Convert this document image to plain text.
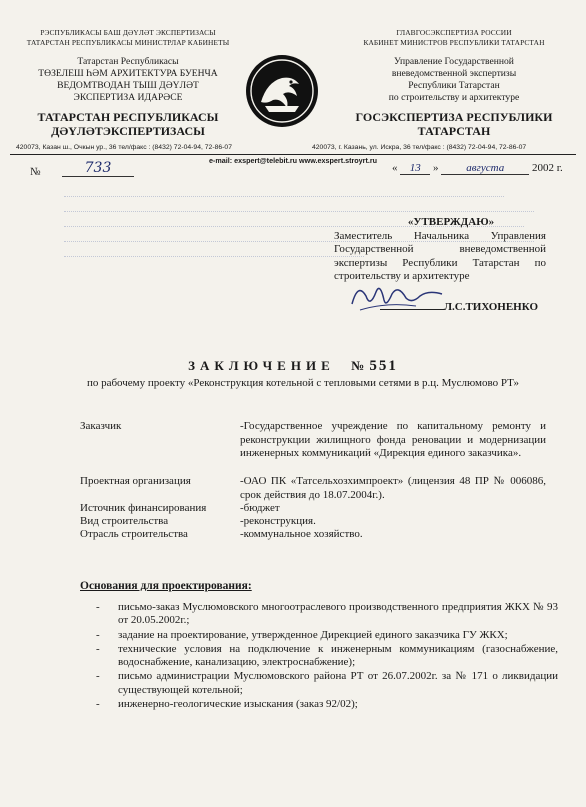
РЭСПУБЛИКАСЫ БАШ ДӘҮЛӘТ ЭКСПЕРТИЗАСЫ
ТАТАРСТАН РЕСПУБЛИКАСЫ МИНИСТРЛАР КАБИНЕТЫ
Татарстан Республикасы
ТӨЗЕЛЕШ ҺӘМ АРХИТЕКТУРА БУЕНЧА
ВЕДОМТВОДАН ТЫШ ДӘҮЛӘТ
ЭКСПЕРТИЗА ИДАРӘСЕ
ТАТАРСТАН РЕСПУБЛИКАСЫ
ДӘҮЛӘТЭКСПЕРТИЗАСЫ
ГЛАВГОСЭКСПЕРТИЗА РОССИИ
КАБИНЕТ МИНИСТРОВ РЕСПУБЛИКИ ТАТАРСТАН
Управление Государственной
вневедомственной экспертизы
Республики Татарстан
по строительству и архитектуре
ГОСЭКСПЕРТИЗА РЕСПУБЛИКИ
ТАТАРСТАН
420073, Казан ш., Очкын ур., 36 тел/факс : (8432) 72-04-94, 72-86-07	420073, г. Казань, ул. Искра, 36 тел/факс : (8432) 72-04-94, 72-86-07
e-mail: exspert@telebit.ru www.exspert.stroyrt.ru
№	733	« 13 »	августа	2002 г.
«УТВЕРЖДАЮ»
Заместитель Начальника Управления Государственной вневедомственной экспертизы Республики Татарстан по строительству и архитектуре
Л.С.ТИХОНЕНКО
ЗАКЛЮЧЕНИЕ №551
по рабочему проекту «Реконструкция котельной с тепловыми сетями в р.ц. Муслюмово РТ»
Заказчик	-Государственное учреждение по капитальному ремонту и реконструкции жилищного фонда реновации и модернизации инженерных коммуникаций «Дирекция единого заказчика».
Проектная организация	-ОАО ПК «Татсельхозхимпроект» (лицензия 48 ПР № 006086, срок действия до 18.07.2004г.).
Источник финансирования	-бюджет
Вид строительства	-реконструкция.
Отрасль строительства	-коммунальное хозяйство.
Основания для проектирования:
- письмо-заказ Муслюмовского многоотраслевого производственного предприятия ЖКХ № 93 от 20.05.2002г.;
- задание на проектирование, утвержденное Дирекцией единого заказчика ГУ ЖКХ;
- технические условия на подключение к инженерным коммуникациям (газоснабжение, водоснабжение, канализацию, электроснабжение);
- письмо администрации Муслюмовского района РТ от 26.07.2002г. за № 171 о ликвидации существующей котельной;
- инженерно-геологические изыскания (заказ 92/02);
